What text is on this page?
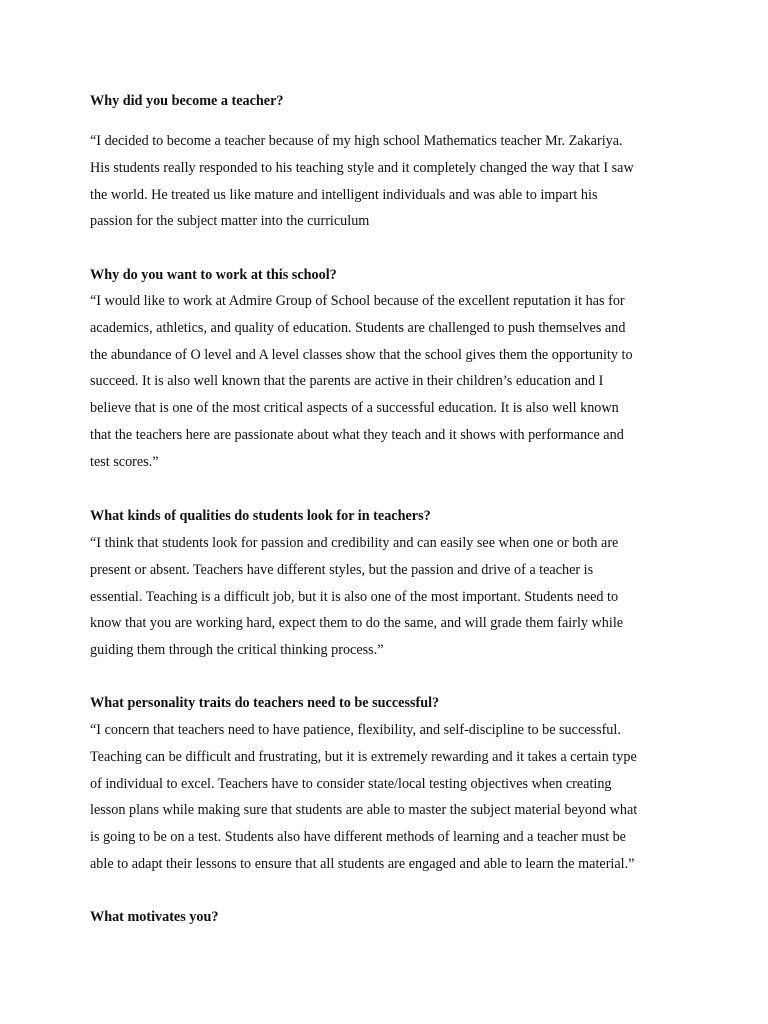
Why did you become a teacher?

“I decided to become a teacher because of my high school Mathematics teacher Mr. Zakariya.
His students really responded to his teaching style and it completely changed the way that I saw
the world. He treated us like mature and intelligent individuals and was able to impart his
passion for the subject matter into the curriculum

Why do you want to work at this school?

“I would like to work at Admire Group of School because of the excellent reputation it has for
academics, athletics, and quality of education. Students are challenged to push themselves and
the abundance of O level and A level classes show that the school gives them the opportunity to
succeed. It is also well known that the parents are active in their children’s education and I
believe that is one of the most critical aspects of a successful education. It is also well known
that the teachers here are passionate about what they teach and it shows with performance and
test scores.”

What kinds of qualities do students look for in teachers?

“I think that students look for passion and credibility and can easily see when one or both are
present or absent. Teachers have different styles, but the passion and drive of a teacher is
essential. Teaching is a difficult job, but it is also one of the most important. Students need to
know that you are working hard, expect them to do the same, and will grade them fairly while
guiding them through the critical thinking process.”

What personality traits do teachers need to be successful?

“I concern that teachers need to have patience, flexibility, and self-discipline to be successful.
Teaching can be difficult and frustrating, but it is extremely rewarding and it takes a certain type
of individual to excel. Teachers have to consider state/local testing objectives when creating
lesson plans while making sure that students are able to master the subject material beyond what
is going to be on a test. Students also have different methods of learning and a teacher must be
able to adapt their lessons to ensure that all students are engaged and able to learn the material.”

What motivates you?
